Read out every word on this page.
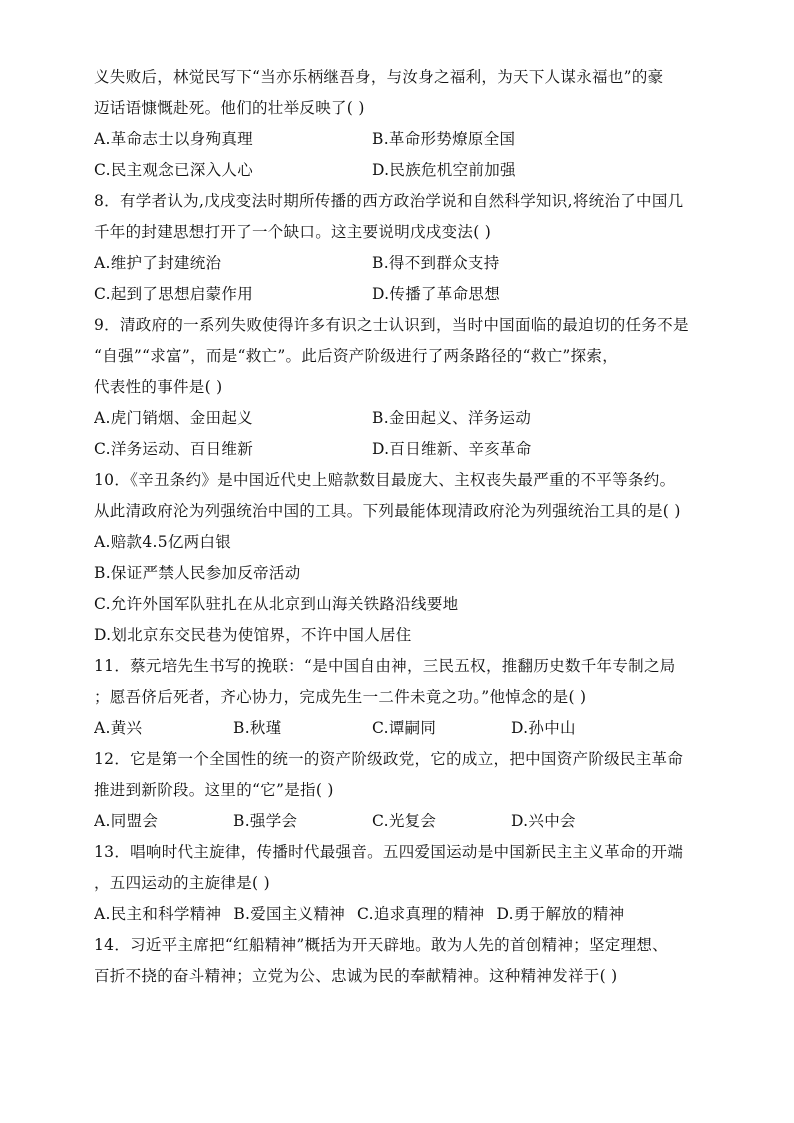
义失败后，林觉民写下“当亦乐柄继吾身，与汝身之福利，为天下人谋永福也”的豪
迈话语慷慨赴死。他们的壮举反映了( )
A.革命志士以身殉真理	B.革命形势燎原全国
C.民主观念已深入人心	D.民族危机空前加强
8．有学者认为,戊戌变法时期所传播的西方政治学说和自然科学知识,将统治了中国几
千年的封建思想打开了一个缺口。这主要说明戊戌变法( )
A.维护了封建统治	B.得不到群众支持
C.起到了思想启蒙作用	D.传播了革命思想
9．清政府的一系列失败使得许多有识之士认识到，当时中国面临的最迫切的任务不是
“自强”“求富”，而是“救亡”。此后资产阶级进行了两条路径的“救亡”探索，
代表性的事件是( )
A.虎门销烟、金田起义	B.金田起义、洋务运动
C.洋务运动、百日维新	D.百日维新、辛亥革命
10．《辛丑条约》是中国近代史上赔款数目最庞大、主权丧失最严重的不平等条约。
从此清政府沦为列强统治中国的工具。下列最能体现清政府沦为列强统治工具的是( )
A.赔款4.5亿两白银
B.保证严禁人民参加反帝活动
C.允许外国军队驻扎在从北京到山海关铁路沿线要地
D.划北京东交民巷为使馆界，不许中国人居住
11．蔡元培先生书写的挽联：“是中国自由神，三民五权，推翻历史数千年专制之局
；愿吾侪后死者，齐心协力，完成先生一二件未竟之功。”他悼念的是( )
A.黄兴	B.秋瑾	C.谭嗣同	D.孙中山
12．它是第一个全国性的统一的资产阶级政党，它的成立，把中国资产阶级民主革命
推进到新阶段。这里的“它”是指( )
A.同盟会	B.强学会	C.光复会	D.兴中会
13．唱响时代主旋律，传播时代最强音。五四爱国运动是中国新民主主义革命的开端
，五四运动的主旋律是( )
A.民主和科学精神 B.爱国主义精神 C.追求真理的精神 D.勇于解放的精神
14．习近平主席把“红船精神”概括为开天辟地。敢为人先的首创精神；坚定理想、
百折不挠的奋斗精神；立党为公、忠诚为民的奉献精神。这种精神发祥于( )
